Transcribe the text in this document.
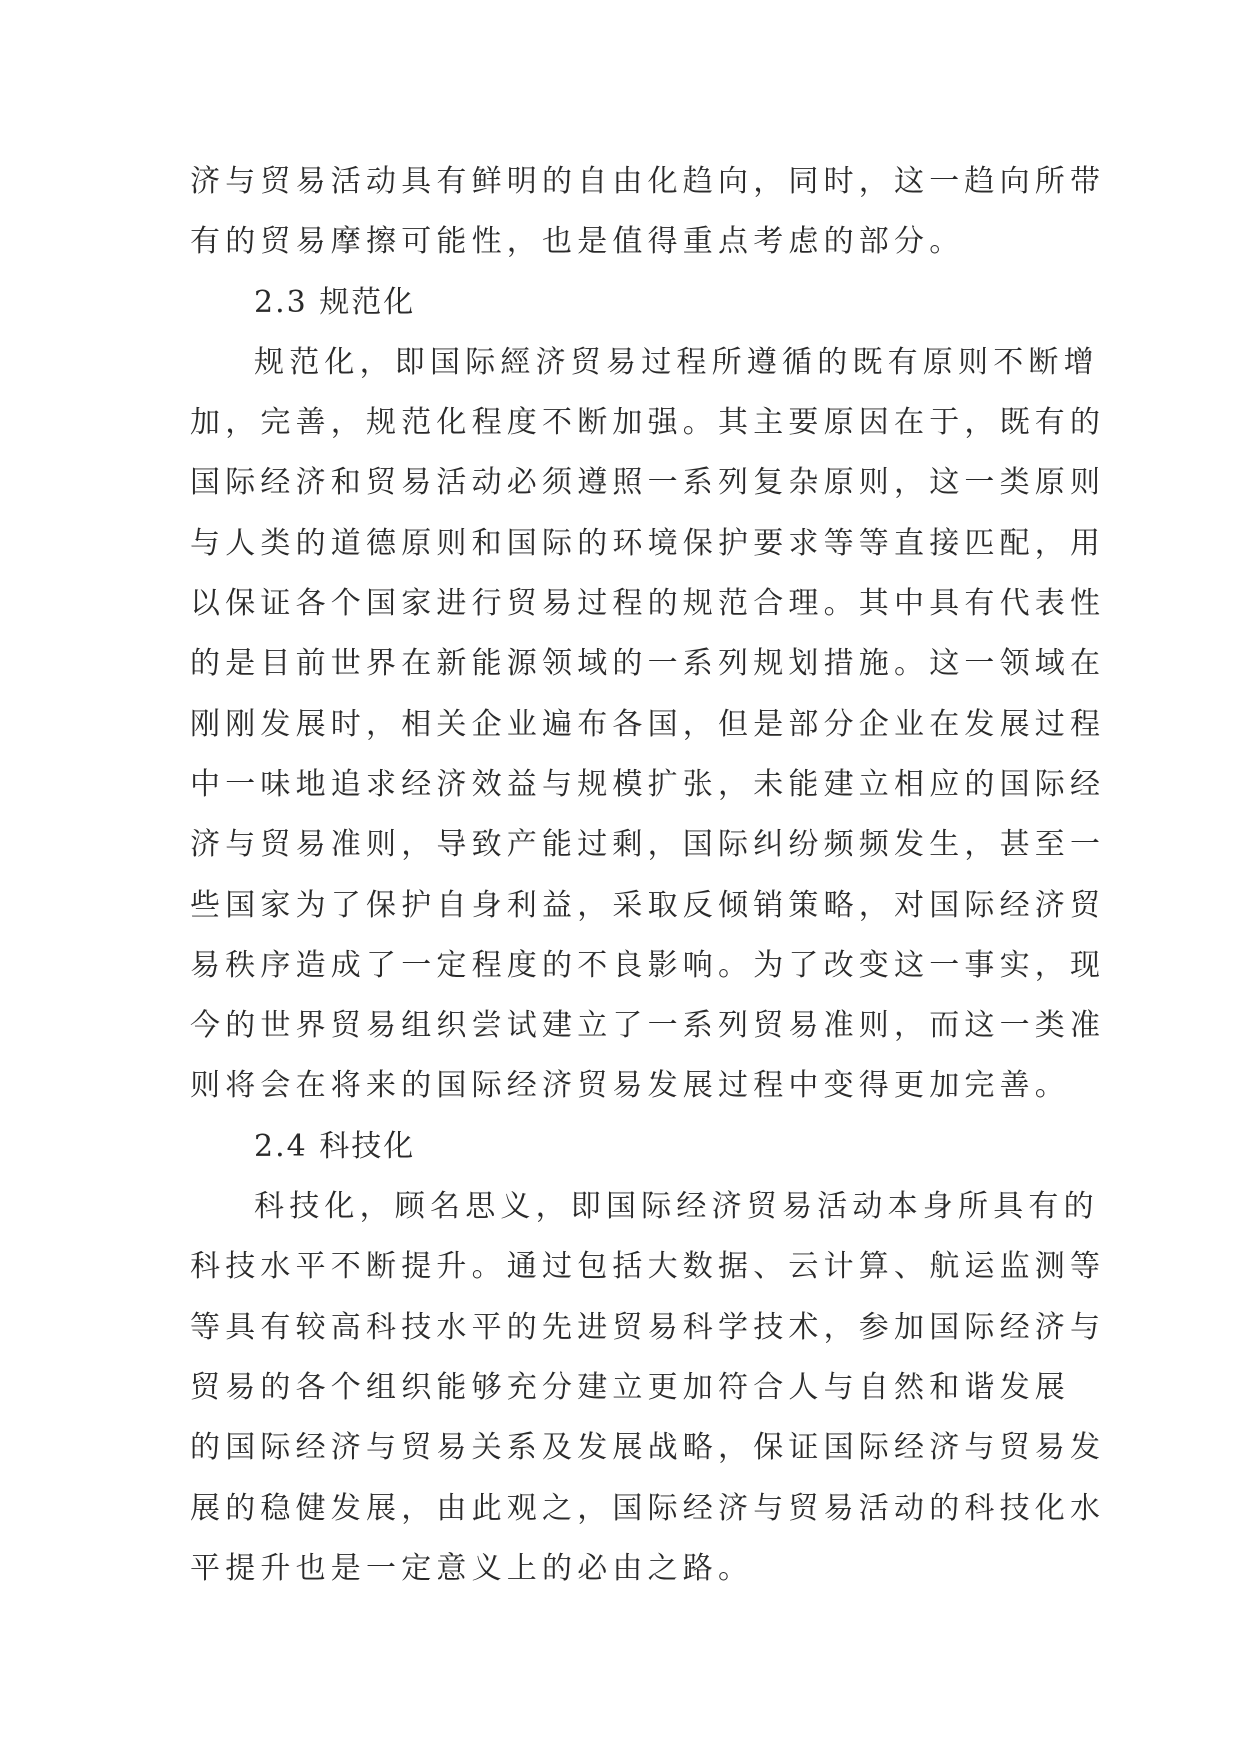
济与贸易活动具有鲜明的自由化趋向，同时，这一趋向所带
有的贸易摩擦可能性，也是值得重点考虑的部分。
2.3 规范化
规范化，即国际經济贸易过程所遵循的既有原则不断增
加，完善，规范化程度不断加强。其主要原因在于，既有的
国际经济和贸易活动必须遵照一系列复杂原则，这一类原则
与人类的道德原则和国际的环境保护要求等等直接匹配，用
以保证各个国家进行贸易过程的规范合理。其中具有代表性
的是目前世界在新能源领域的一系列规划措施。这一领域在
刚刚发展时，相关企业遍布各国，但是部分企业在发展过程
中一味地追求经济效益与规模扩张，未能建立相应的国际经
济与贸易准则，导致产能过剩，国际纠纷频频发生，甚至一
些国家为了保护自身利益，采取反倾销策略，对国际经济贸
易秩序造成了一定程度的不良影响。为了改变这一事实，现
今的世界贸易组织尝试建立了一系列贸易准则，而这一类准
则将会在将来的国际经济贸易发展过程中变得更加完善。
2.4 科技化
科技化，顾名思义，即国际经济贸易活动本身所具有的
科技水平不断提升。通过包括大数据、云计算、航运监测等
等具有较高科技水平的先进贸易科学技术，参加国际经济与
贸易的各个组织能够充分建立更加符合人与自然和谐发展
的国际经济与贸易关系及发展战略，保证国际经济与贸易发
展的稳健发展，由此观之，国际经济与贸易活动的科技化水
平提升也是一定意义上的必由之路。
